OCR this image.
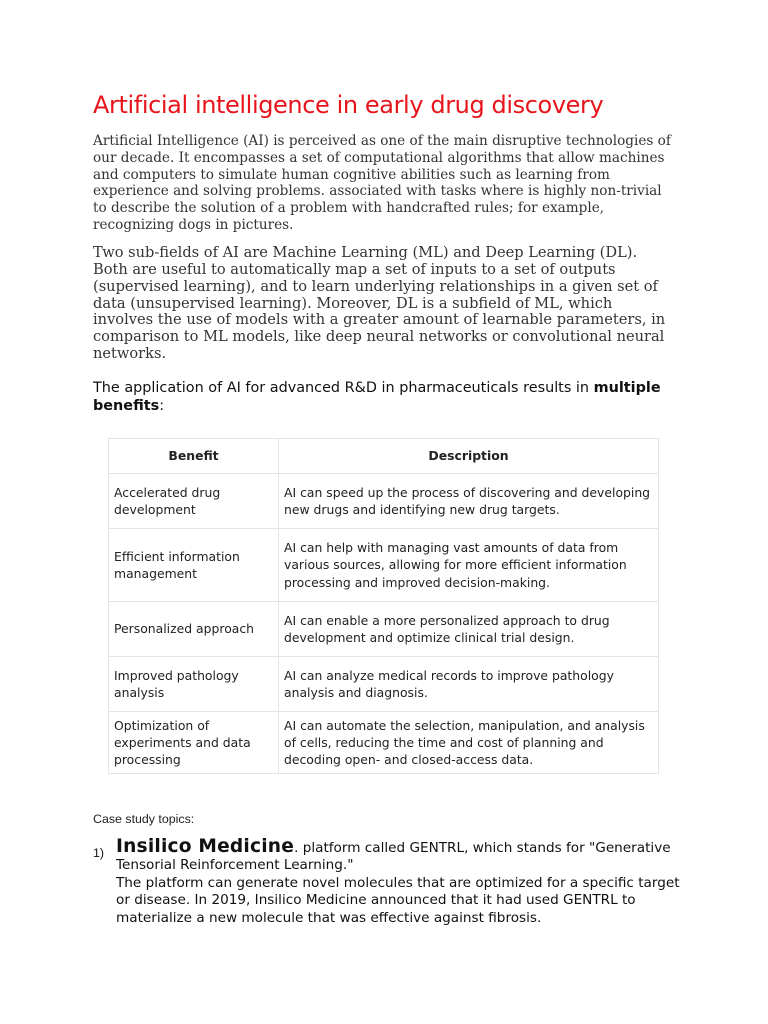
Artificial intelligence in early drug discovery

Artificial Intelligence (AI) is perceived as one of the main disruptive technologies of our decade. It encompasses a set of computational algorithms that allow machines and computers to simulate human cognitive abilities such as learning from experience and solving problems. associated with tasks where is highly non-trivial to describe the solution of a problem with handcrafted rules; for example, recognizing dogs in pictures.

Two sub-fields of AI are Machine Learning (ML) and Deep Learning (DL). Both are useful to automatically map a set of inputs to a set of outputs (supervised learning), and to learn underlying relationships in a given set of data (unsupervised learning). Moreover, DL is a subfield of ML, which involves the use of models with a greater amount of learnable parameters, in comparison to ML models, like deep neural networks or convolutional neural networks.

The application of AI for advanced R&D in pharmaceuticals results in multiple benefits:

Benefit	Description
Accelerated drug development	AI can speed up the process of discovering and developing new drugs and identifying new drug targets.
Efficient information management	AI can help with managing vast amounts of data from various sources, allowing for more efficient information processing and improved decision-making.
Personalized approach	AI can enable a more personalized approach to drug development and optimize clinical trial design.
Improved pathology analysis	AI can analyze medical records to improve pathology analysis and diagnosis.
Optimization of experiments and data processing	AI can automate the selection, manipulation, and analysis of cells, reducing the time and cost of planning and decoding open- and closed-access data.
Case study topics:
1) Insilico Medicine. platform called GENTRL, which stands for "Generative Tensorial Reinforcement Learning."
The platform can generate novel molecules that are optimized for a specific target or disease. In 2019, Insilico Medicine announced that it had used GENTRL to materialize a new molecule that was effective against fibrosis.
